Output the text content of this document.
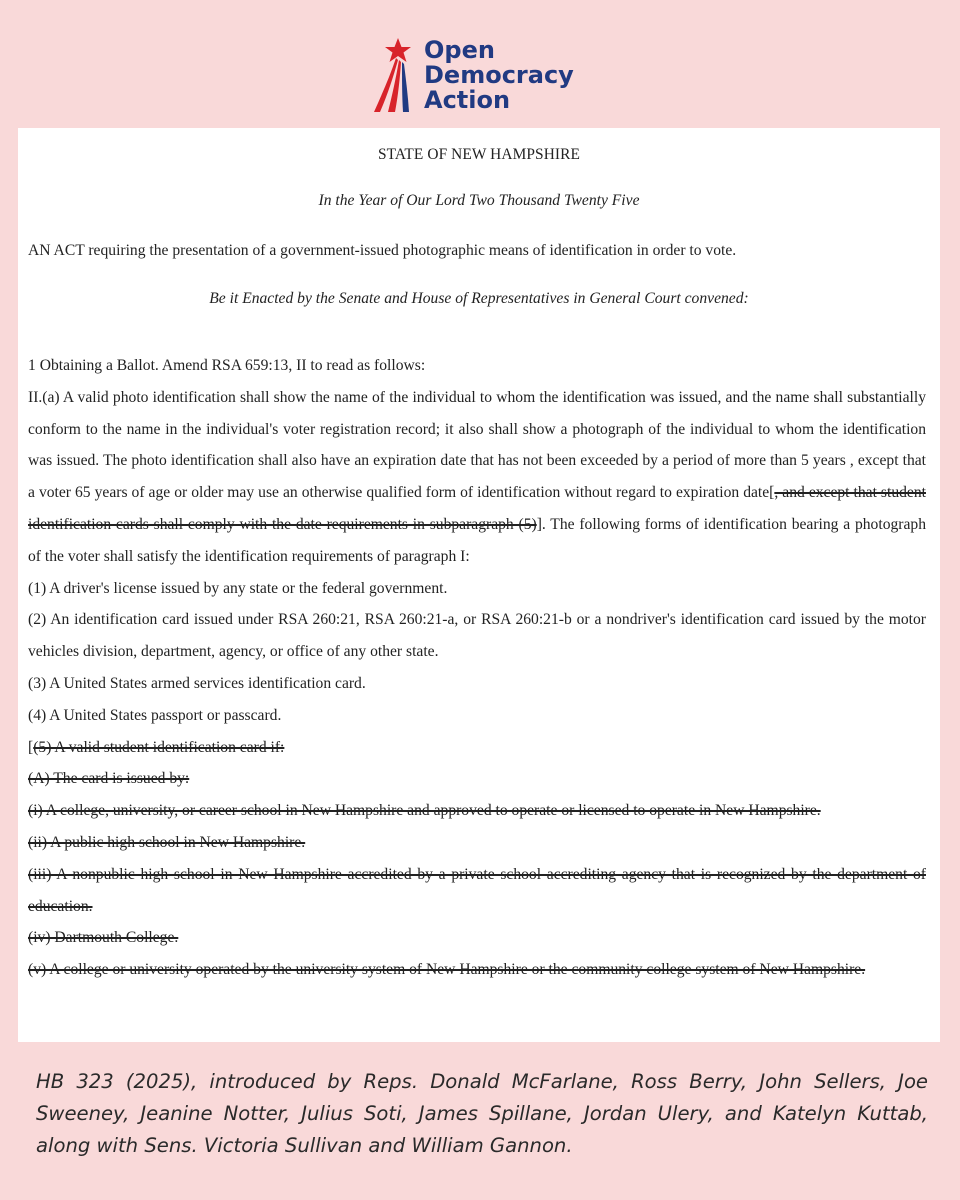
Open
Democracy
Action
STATE OF NEW HAMPSHIRE
In the Year of Our Lord Two Thousand Twenty Five
AN ACT requiring the presentation of a government-issued photographic means of identification in order to vote.
Be it Enacted by the Senate and House of Representatives in General Court convened:

1 Obtaining a Ballot. Amend RSA 659:13, II to read as follows:

II.(a) A valid photo identification shall show the name of the individual to whom the identification was issued, and the name shall substantially conform to the name in the individual's voter registration record; it also shall show a photograph of the individual to whom the identification was issued. The photo identification shall also have an expiration date that has not been exceeded by a period of more than 5 years , except that a voter 65 years of age or older may use an otherwise qualified form of identification without regard to expiration date[, and except that student identification cards shall comply with the date requirements in subparagraph (5)]. The following forms of identification bearing a photograph of the voter shall satisfy the identification requirements of paragraph I:

(1) A driver's license issued by any state or the federal government.

(2) An identification card issued under RSA 260:21, RSA 260:21-a, or RSA 260:21-b or a nondriver's identification card issued by the motor vehicles division, department, agency, or office of any other state.

(3) A United States armed services identification card.

(4) A United States passport or passcard.

[(5) A valid student identification card if:

(A) The card is issued by:

(i) A college, university, or career school in New Hampshire and approved to operate or licensed to operate in New Hampshire.

(ii) A public high school in New Hampshire.

(iii) A nonpublic high school in New Hampshire accredited by a private school accrediting agency that is recognized by the department of education.

(iv) Dartmouth College.

(v) A college or university operated by the university system of New Hampshire or the community college system of New Hampshire.

HB 323 (2025), introduced by Reps. Donald McFarlane, Ross Berry, John Sellers, Joe Sweeney, Jeanine Notter, Julius Soti, James Spillane, Jordan Ulery, and Katelyn Kuttab, along with Sens. Victoria Sullivan and William Gannon.
